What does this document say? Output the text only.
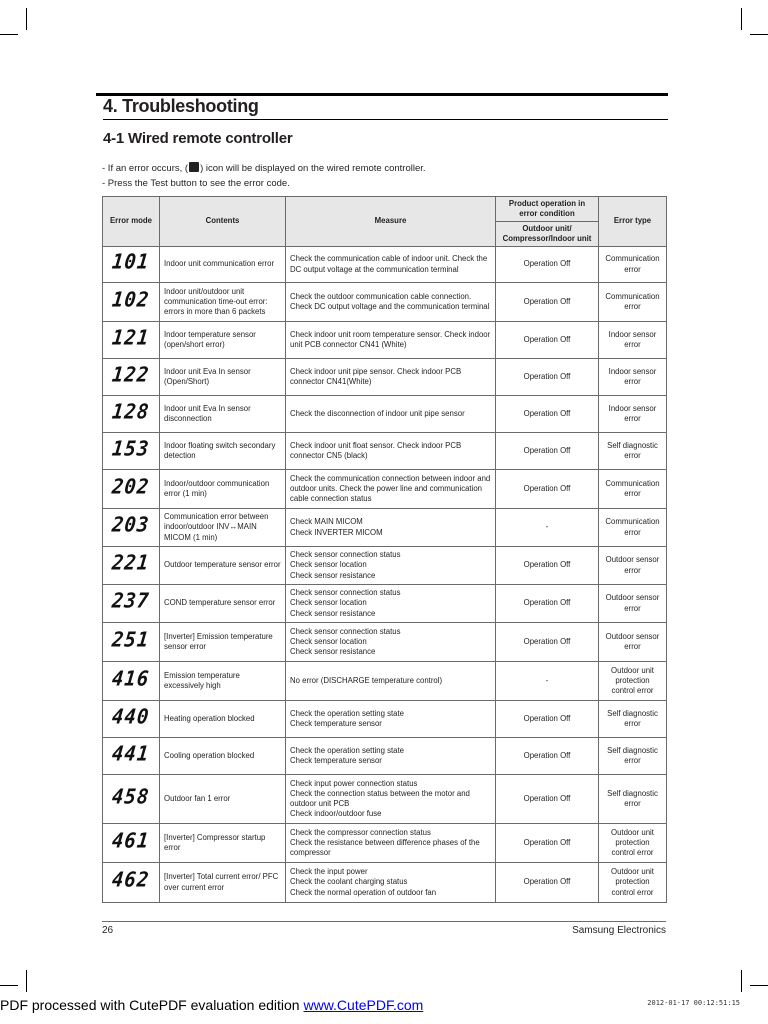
4. Troubleshooting
4-1 Wired remote controller
- If an error occurs, ( ) icon will be displayed on the wired remote controller.
- Press the Test button to see the error code.
Error mode	Contents	Measure	Product operation in error condition	Error type
			Outdoor unit/ Compressor/Indoor unit	
101	Indoor unit communication error	Check the communication cable of indoor unit. Check the DC output voltage at the communication terminal	Operation Off	Communication error
102	Indoor unit/outdoor unit communication time-out error: errors in more than 6 packets	Check the outdoor communication cable connection. Check DC output voltage and the communication terminal	Operation Off	Communication error
121	Indoor temperature sensor (open/short error)	Check indoor unit room temperature sensor. Check indoor unit PCB connector CN41 (White)	Operation Off	Indoor sensor error
122	Indoor unit Eva In sensor (Open/Short)	Check indoor unit pipe sensor. Check indoor PCB connector CN41(White)	Operation Off	Indoor sensor error
128	Indoor unit Eva In sensor disconnection	Check the disconnection of indoor unit pipe sensor	Operation Off	Indoor sensor error
153	Indoor floating switch secondary detection	Check indoor unit float sensor. Check indoor PCB connector CN5 (black)	Operation Off	Self diagnostic error
202	Indoor/outdoor communication error (1 min)	Check the communication connection between indoor and outdoor units. Check the power line and communication cable connection status	Operation Off	Communication error
203	Communication error between indoor/outdoor INV↔MAIN MICOM (1 min)	Check MAIN MICOM
Check INVERTER MICOM	-	Communication error
221	Outdoor temperature sensor error	Check sensor connection status
Check sensor location
Check sensor resistance	Operation Off	Outdoor sensor error
237	COND temperature sensor error	Check sensor connection status
Check sensor location
Check sensor resistance	Operation Off	Outdoor sensor error
251	[Inverter] Emission temperature sensor error	Check sensor connection status
Check sensor location
Check sensor resistance	Operation Off	Outdoor sensor error
416	Emission temperature excessively high	No error (DISCHARGE temperature control)	-	Outdoor unit protection control error
440	Heating operation blocked	Check the operation setting state
Check temperature sensor	Operation Off	Self diagnostic error
441	Cooling operation blocked	Check the operation setting state
Check temperature sensor	Operation Off	Self diagnostic error
458	Outdoor fan 1 error	Check input power connection status
Check the connection status between the motor and outdoor unit PCB
Check indoor/outdoor fuse	Operation Off	Self diagnostic error
461	[Inverter] Compressor startup error	Check the compressor connection status
Check the resistance between difference phases of the compressor	Operation Off	Outdoor unit protection control error
462	[Inverter] Total current error/ PFC over current error	Check the input power
Check the coolant charging status
Check the normal operation of outdoor fan	Operation Off	Outdoor unit protection control error
26	Samsung Electronics
PDF processed with CutePDF evaluation edition www.CutePDF.com	2012-01-17 00:12:51:15
